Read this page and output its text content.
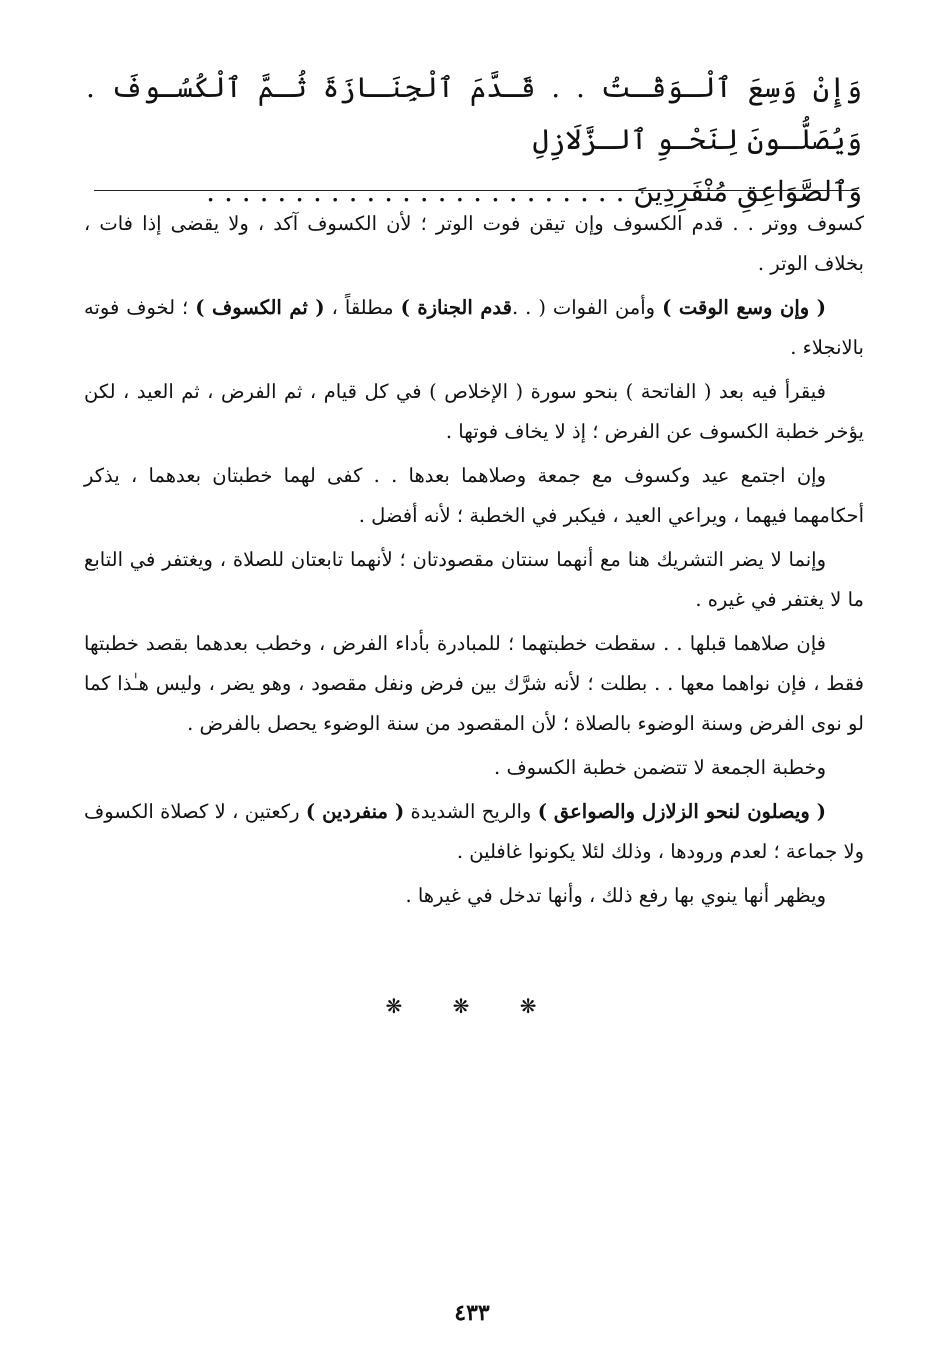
وَإِنْ وَسِعَ ٱلْـوَقْـتُ . . قَـدَّمَ ٱلْجِنَـازَةَ ثُـمَّ ٱلْكُسُـوفَ . وَيُصَلُّـونَ لِنَحْـوِ ٱلـزَّلَازِلِ

وَٱلصَّوَاعِقِ مُنْفَرِدِينَ . . . . . . . . . . . . . . . . . . . . . . . .

كسوف ووتر . . قدم الكسوف وإن تيقن فوت الوتر ؛ لأن الكسوف آكد ، ولا يقضى إذا فات ، بخلاف الوتر .

( وإن وسع الوقت ) وأمن الفوات ( . .قدم الجنازة ) مطلقاً ، ( ثم الكسوف ) ؛ لخوف فوته بالانجلاء .

فيقرأ فيه بعد ( الفاتحة ) بنحو سورة ( الإخلاص ) في كل قيام ، ثم الفرض ، ثم العيد ، لكن يؤخر خطبة الكسوف عن الفرض ؛ إذ لا يخاف فوتها .

وإن اجتمع عيد وكسوف مع جمعة وصلاهما بعدها . . كفى لهما خطبتان بعدهما ، يذكر أحكامهما فيهما ، ويراعي العيد ، فيكبر في الخطبة ؛ لأنه أفضل .

وإنما لا يضر التشريك هنا مع أنهما سنتان مقصودتان ؛ لأنهما تابعتان للصلاة ، ويغتفر في التابع ما لا يغتفر في غيره .

فإن صلاهما قبلها . . سقطت خطبتهما ؛ للمبادرة بأداء الفرض ، وخطب بعدهما بقصد خطبتها فقط ، فإن نواهما معها . . بطلت ؛ لأنه شرَّك بين فرض ونفل مقصود ، وهو يضر ، وليس هـٰذا كما لو نوى الفرض وسنة الوضوء بالصلاة ؛ لأن المقصود من سنة الوضوء يحصل بالفرض .

وخطبة الجمعة لا تتضمن خطبة الكسوف .

( ويصلون لنحو الزلازل والصواعق ) والريح الشديدة ( منفردين ) ركعتين ، لا كصلاة الكسوف ولا جماعة ؛ لعدم ورودها ، وذلك لئلا يكونوا غافلين .

ويظهر أنها ينوي بها رفع ذلك ، وأنها تدخل في غيرها .

❋ ❋ ❋
٤٣٣
